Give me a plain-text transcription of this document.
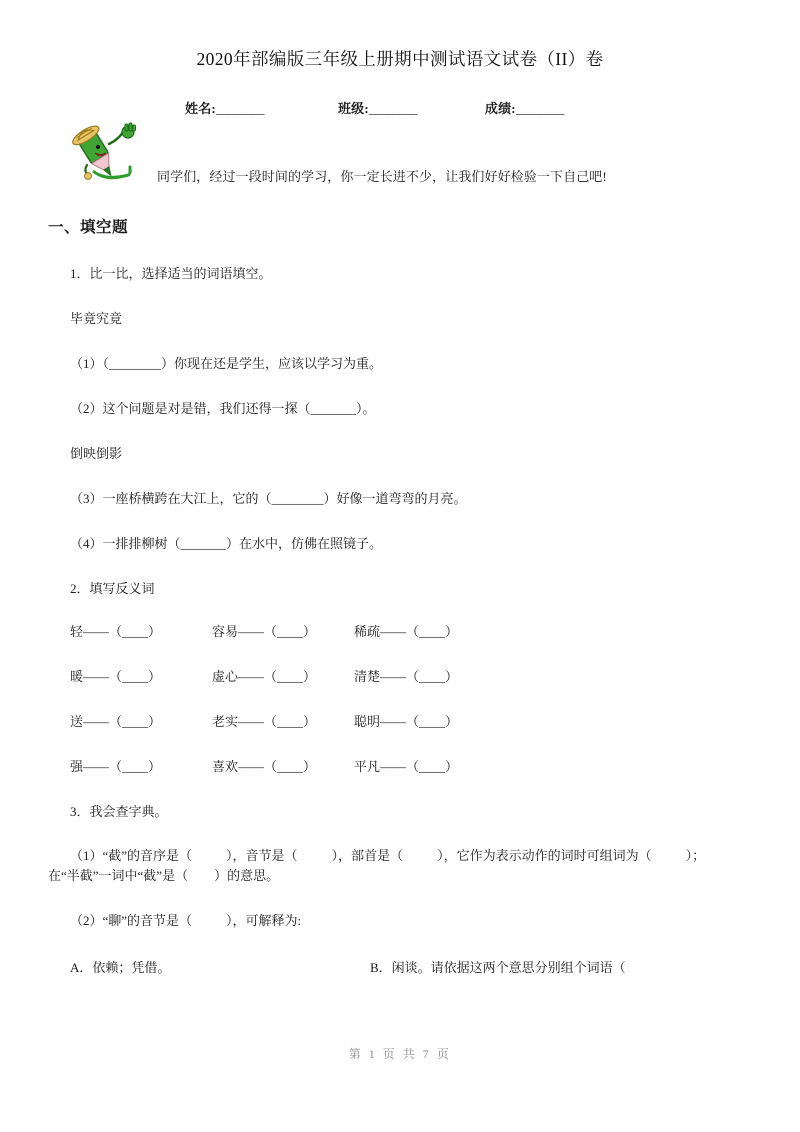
2020年部编版三年级上册期中测试语文试卷（II）卷
姓名:________	班级:________	成绩:________
同学们，经过一段时间的学习，你一定长进不少，让我们好好检验一下自己吧!
一、填空题
1．比一比，选择适当的词语填空。
毕竟究竟
（1）（________）你现在还是学生，应该以学习为重。
（2）这个问题是对是错，我们还得一探（_______）。
倒映倒影
（3）一座桥横跨在大江上，它的（________）好像一道弯弯的月亮。
（4）一排排柳树（_______）在水中，仿佛在照镜子。
2．填写反义词
轻——（____）	容易——（____）	稀疏——（____）
暖——（____）	虚心——（____）	清楚——（____）
送——（____）	老实——（____）	聪明——（____）
强——（____）	喜欢——（____）	平凡——（____）
3．我会查字典。
（1）“截”的音序是（	），音节是（	），部首是（	），它作为表示动作的词时可组词为（	）；
在“半截”一词中“截”是（ ）的意思。
（2）“聊”的音节是（	），可解释为:
A．依赖；凭借。	B．闲谈。请依据这两个意思分别组个词语（
第 1 页 共 7 页
